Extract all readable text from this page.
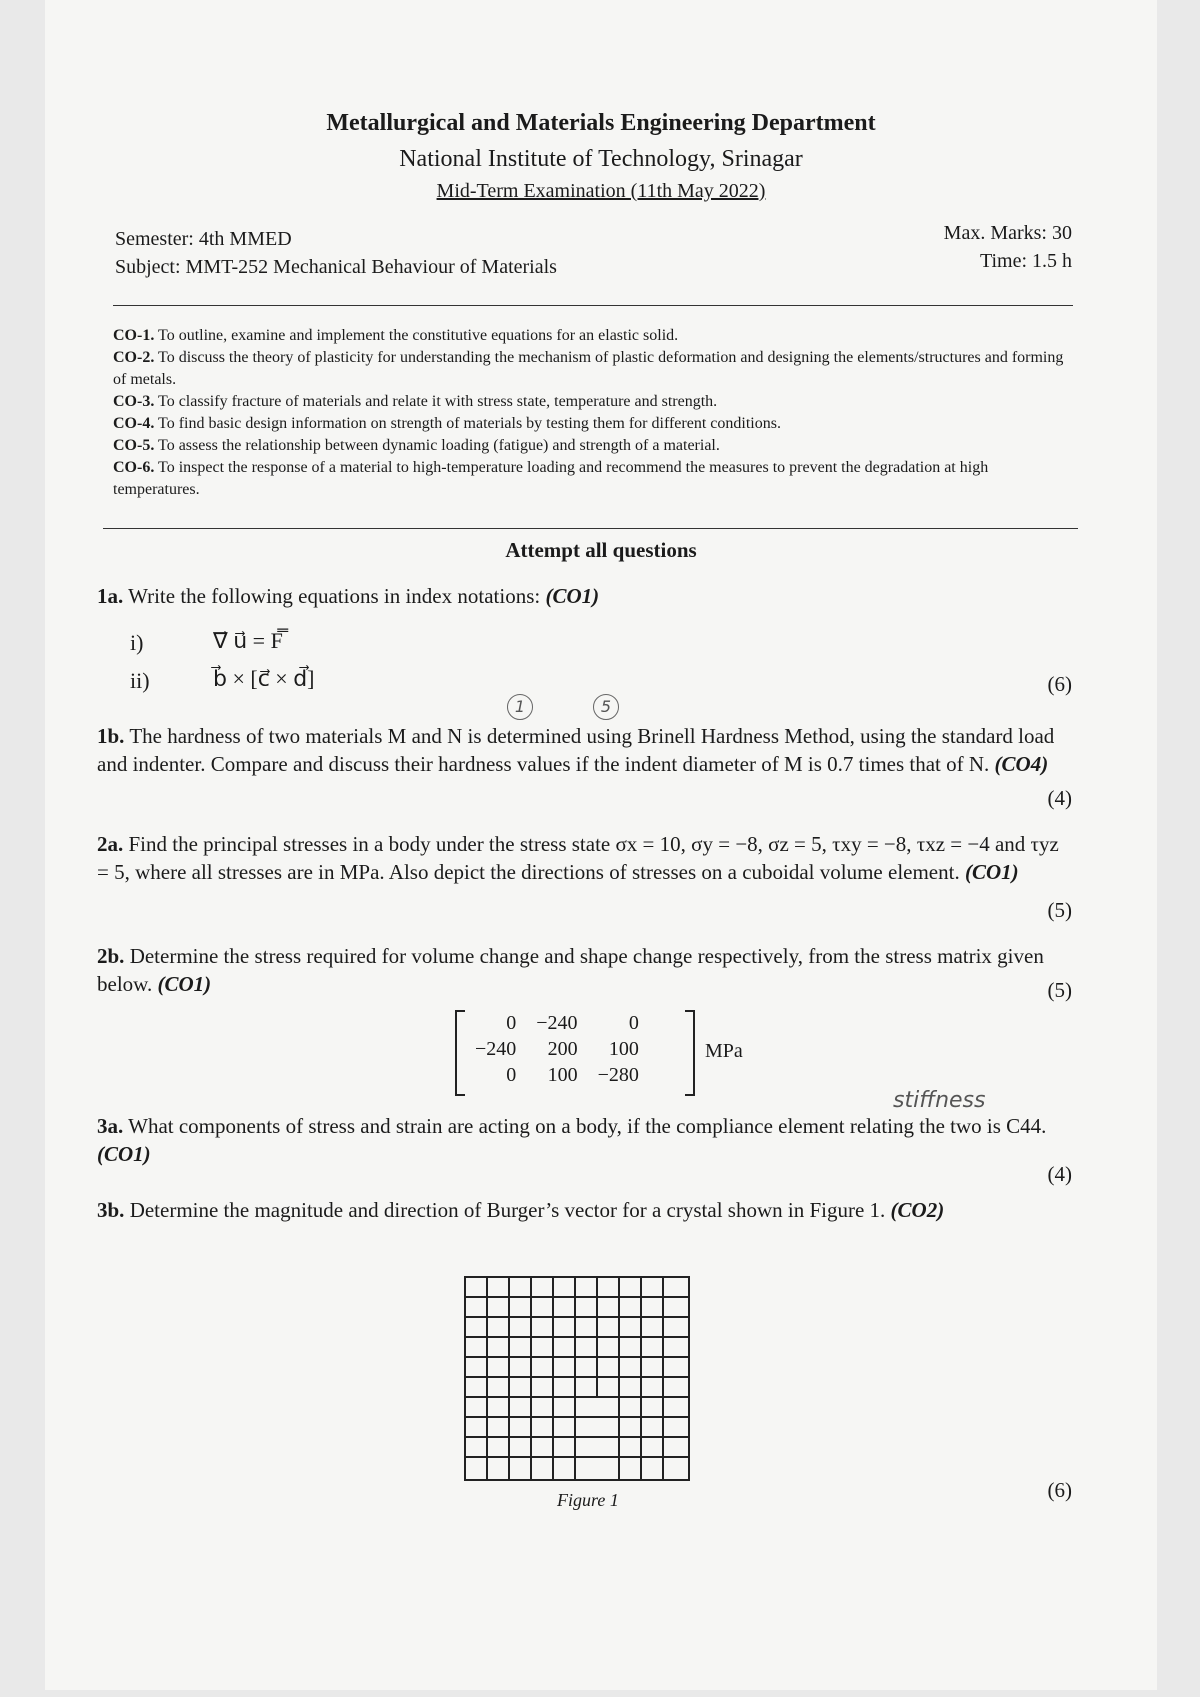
Metallurgical and Materials Engineering Department
National Institute of Technology, Srinagar
Mid-Term Examination (11th May 2022)
Semester: 4th MMED
Subject: MMT-252 Mechanical Behaviour of Materials
Max. Marks: 30
Time: 1.5 h
CO-1. To outline, examine and implement the constitutive equations for an elastic solid.
CO-2. To discuss the theory of plasticity for understanding the mechanism of plastic deformation and designing the elements/structures and forming of metals.
CO-3. To classify fracture of materials and relate it with stress state, temperature and strength.
CO-4. To find basic design information on strength of materials by testing them for different conditions.
CO-5. To assess the relationship between dynamic loading (fatigue) and strength of a material.
CO-6. To inspect the response of a material to high-temperature loading and recommend the measures to prevent the degradation at high temperatures.
Attempt all questions
1a. Write the following equations in index notations: (CO1)
i)	∇⃗ u⃗ = F̿
ii)	b⃗ × [c⃗ × d⃗]	(6)
1b. The hardness of two materials M and N is determined using Brinell Hardness Method, using the standard load and indenter. Compare and discuss their hardness values if the indent diameter of M is 0.7 times that of N. (CO4)
(4)
2a. Find the principal stresses in a body under the stress state σx = 10, σy = −8, σz = 5, τxy = −8, τxz = −4 and τyz = 5, where all stresses are in MPa. Also depict the directions of stresses on a cuboidal volume element. (CO1)
(5)
2b. Determine the stress required for volume change and shape change respectively, from the stress matrix given below. (CO1)	(5)
0	−240	0
−240	200	100
0	100	−280
MPa
3a. What components of stress and strain are acting on a body, if the compliance element relating the two is C44. (CO1)
(4)
3b. Determine the magnitude and direction of Burger’s vector for a crystal shown in Figure 1. (CO2)
Figure 1	(6)
stiffness
1	5
